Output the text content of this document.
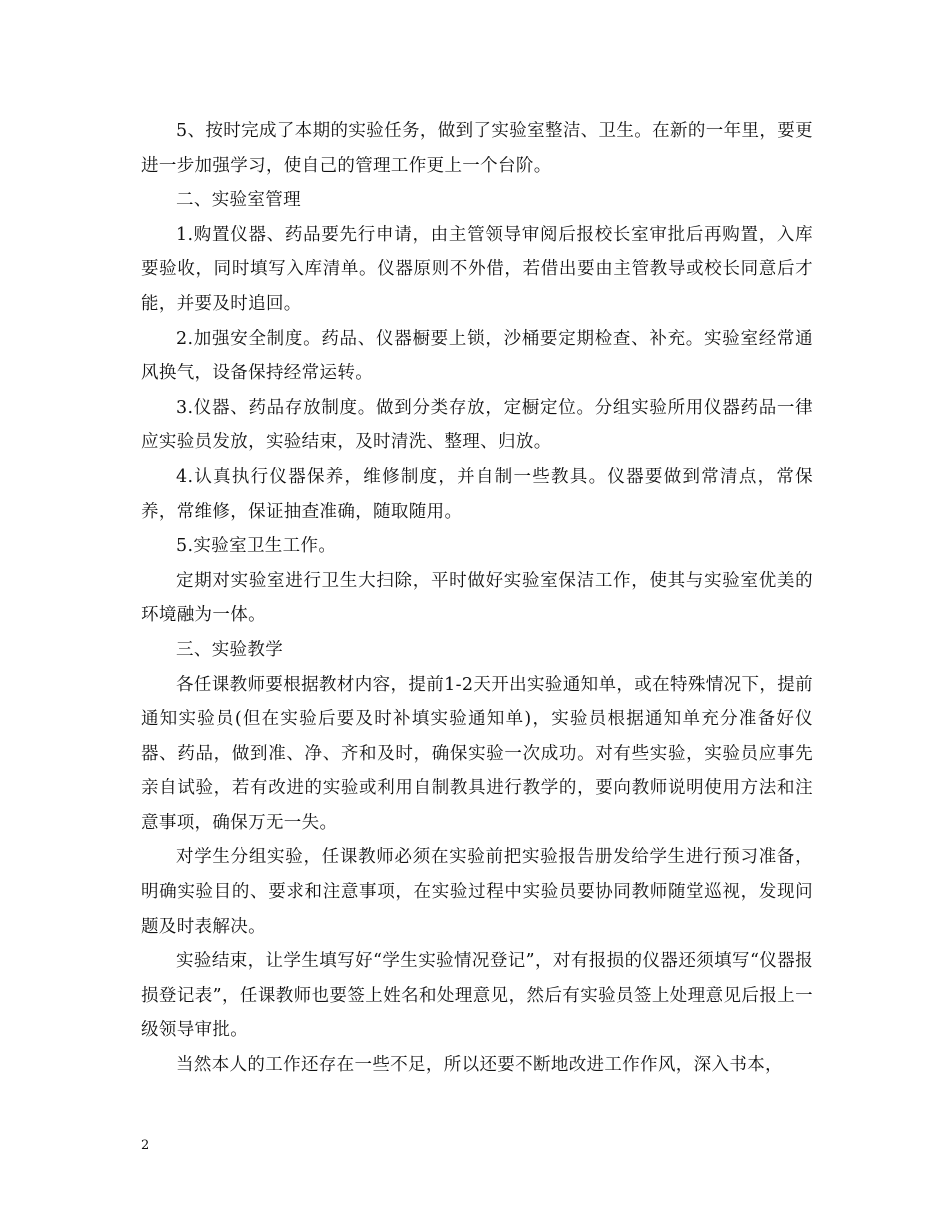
5、按时完成了本期的实验任务，做到了实验室整洁、卫生。在新的一年里，要更进一步加强学习，使自己的管理工作更上一个台阶。

二、实验室管理

1.购置仪器、药品要先行申请，由主管领导审阅后报校长室审批后再购置，入库要验收，同时填写入库清单。仪器原则不外借，若借出要由主管教导或校长同意后才能，并要及时追回。

2.加强安全制度。药品、仪器橱要上锁，沙桶要定期检查、补充。实验室经常通风换气，设备保持经常运转。

3.仪器、药品存放制度。做到分类存放，定橱定位。分组实验所用仪器药品一律应实验员发放，实验结束，及时清洗、整理、归放。

4.认真执行仪器保养，维修制度，并自制一些教具。仪器要做到常清点，常保养，常维修，保证抽查准确，随取随用。

5.实验室卫生工作。

定期对实验室进行卫生大扫除，平时做好实验室保洁工作，使其与实验室优美的环境融为一体。

三、实验教学

各任课教师要根据教材内容，提前1-2天开出实验通知单，或在特殊情况下，提前通知实验员(但在实验后要及时补填实验通知单)，实验员根据通知单充分准备好仪器、药品，做到准、净、齐和及时，确保实验一次成功。对有些实验，实验员应事先亲自试验，若有改进的实验或利用自制教具进行教学的，要向教师说明使用方法和注意事项，确保万无一失。

对学生分组实验，任课教师必须在实验前把实验报告册发给学生进行预习准备，明确实验目的、要求和注意事项，在实验过程中实验员要协同教师随堂巡视，发现问题及时表解决。

实验结束，让学生填写好“学生实验情况登记”，对有报损的仪器还须填写“仪器报损登记表”，任课教师也要签上姓名和处理意见，然后有实验员签上处理意见后报上一级领导审批。

当然本人的工作还存在一些不足，所以还要不断地改进工作作风，深入书本，

2
